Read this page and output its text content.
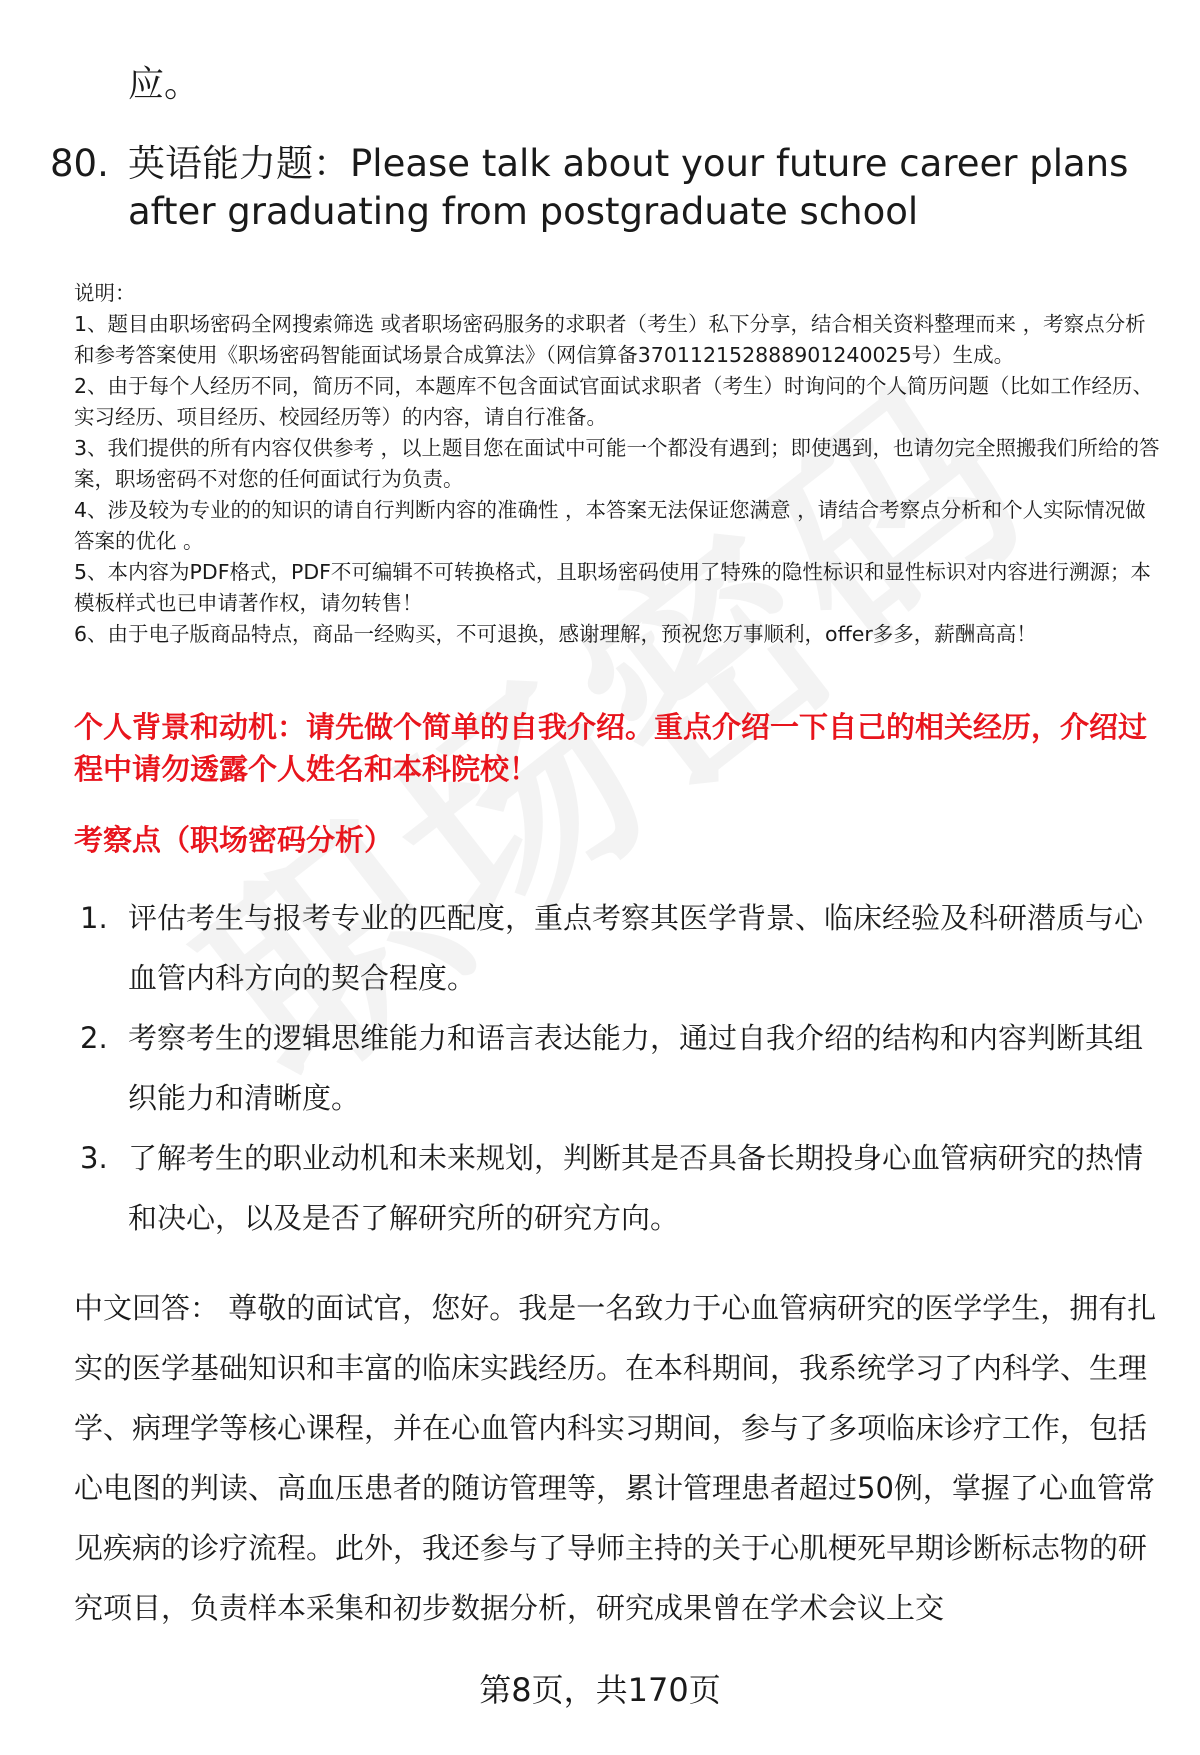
应。

80. 英语能力题：Please talk about your future career plans after graduating from postgraduate school

说明：

1、题目由职场密码全网搜索筛选 或者职场密码服务的求职者（考生）私下分享，结合相关资料整理而来 ，考察点分析和参考答案使用《职场密码智能面试场景合成算法》（网信算备370112152888901240025号）生成。

2、由于每个人经历不同，简历不同，本题库不包含面试官面试求职者（考生）时询问的个人简历问题（比如工作经历、实习经历、项目经历、校园经历等）的内容，请自行准备。

3、我们提供的所有内容仅供参考 ，以上题目您在面试中可能一个都没有遇到；即使遇到，也请勿完全照搬我们所给的答案，职场密码不对您的任何面试行为负责。

4、涉及较为专业的的知识的请自行判断内容的准确性 ，本答案无法保证您满意 ，请结合考察点分析和个人实际情况做答案的优化 。

5、本内容为PDF格式，PDF不可编辑不可转换格式，且职场密码使用了特殊的隐性标识和显性标识对内容进行溯源；本模板样式也已申请著作权，请勿转售！

6、由于电子版商品特点，商品一经购买，不可退换，感谢理解，预祝您万事顺利，offer多多，薪酬高高！

个人背景和动机：请先做个简单的自我介绍。重点介绍一下自己的相关经历，介绍过程中请勿透露个人姓名和本科院校！

考察点（职场密码分析）

1. 评估考生与报考专业的匹配度，重点考察其医学背景、临床经验及科研潜质与心血管内科方向的契合程度。
2. 考察考生的逻辑思维能力和语言表达能力，通过自我介绍的结构和内容判断其组织能力和清晰度。
3. 了解考生的职业动机和未来规划，判断其是否具备长期投身心血管病研究的热情和决心，以及是否了解研究所的研究方向。

中文回答： 尊敬的面试官，您好。我是一名致力于心血管病研究的医学学生，拥有扎实的医学基础知识和丰富的临床实践经历。在本科期间，我系统学习了内科学、生理学、病理学等核心课程，并在心血管内科实习期间，参与了多项临床诊疗工作，包括心电图的判读、高血压患者的随访管理等，累计管理患者超过50例，掌握了心血管常见疾病的诊疗流程。此外，我还参与了导师主持的关于心肌梗死早期诊断标志物的研究项目，负责样本采集和初步数据分析，研究成果曾在学术会议上交

第8页，共170页
